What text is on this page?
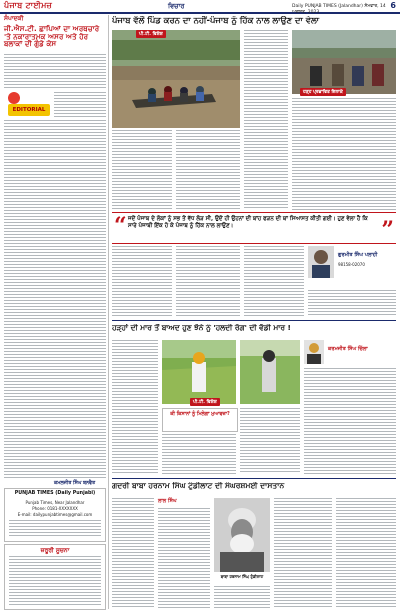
ਪੰਜਾਬ ਟਾਈਮਜ਼	ਵਿਚਾਰ	Daily PUNJAB TIMES (Jalandhar) ਸੋਮਵਾਰ, 14 ਅਗਸਤ, 2023
6
ਸੰਪਾਦਕੀ
ਜੀ.ਐਸ.ਟੀ. ਛਾਪਿਆਂ ਦਾ ਅਰਥਚਾਰੇ 'ਤੇ ਨਕਾਰਾਤਮਕ ਅਸਰ ਅਤੇ ਹੋਰ ਬਲਾਕਾਂ ਦੀ ਗੁੰਡੇ ਕੇਸ
EDITORIAL
ਕਮਲਜੀਤ ਸਿੰਘ ਬਨਵੈਤ
PUNJAB TIMES (Daily Punjabi)
Punjab Times, Near Jalandhar
Phone: 0181-XXXXXXX
E-mail: dailypunjabtimes@gmail.com
ਜ਼ਰੂਰੀ ਸੂਚਨਾ
ਪੰਜਾਬ ਵੱਲੋਂ ਪਿੰਡ ਕਰਨ ਦਾ ਨਹੀਂ-ਪੰਜਾਬ ਨੂੰ ਹਿੱਕ ਨਾਲ ਲਾਉਣ ਦਾ ਵੇਲਾ
ਪੀ.ਟੀ. ਵਿਸ਼ੇਸ਼
ਹੜ੍ਹ ਪ੍ਰਭਾਵਿਤ ਇਲਾਕੇ
“ ਜਦੋਂ ਪੰਜਾਬ ਦੇ ਲੋਕਾਂ ਨੂੰ ਸਭ ਤੋਂ ਵੱਧ ਲੋੜ ਸੀ, ਉਦੋਂ ਹੀ ਉਹਨਾਂ ਦੀ ਬਾਂਹ ਫੜਨ ਦੀ ਥਾਂ ਸਿਆਸਤ ਕੀਤੀ ਗਈ। ਹੁਣ ਵੇਲਾ ਹੈ ਕਿ ਸਾਰੇ ਪੰਜਾਬੀ ਇੱਕ ਹੋ ਕੇ ਪੰਜਾਬ ਨੂੰ ਹਿੱਕ ਨਾਲ ਲਾਉਣ।	”
ਗੁਰਮੀਤ ਸਿੰਘ ਪਲਾਹੀ
98158-02070
ਹੜ੍ਹਾਂ ਦੀ ਮਾਰ ਤੋਂ ਬਾਅਦ ਹੁਣ ਝੋਨੇ ਨੂੰ 'ਹਲਦੀ ਰੋਗ' ਦੀ ਵੱਡੀ ਮਾਰ !
ਪੀ.ਟੀ. ਵਿਸ਼ੇਸ਼
ਕੀ ਕਿਸਾਨਾਂ ਨੂੰ ਮਿਲੇਗਾ ਮੁਆਵਜ਼ਾ?
ਕਰਮਜੀਤ ਸਿੰਘ ਚਿੱਲਾ
ਗਦਰੀ ਬਾਬਾ ਹਰਨਾਮ ਸਿੰਘ ਟੁੰਡੀਲਾਟ ਦੀ ਸੰਘਰਸ਼ਮਈ ਦਾਸਤਾਨ
ਲਾਲ ਸਿੰਘ
ਬਾਬਾ ਹਰਨਾਮ ਸਿੰਘ ਟੁੰਡੀਲਾਟ
